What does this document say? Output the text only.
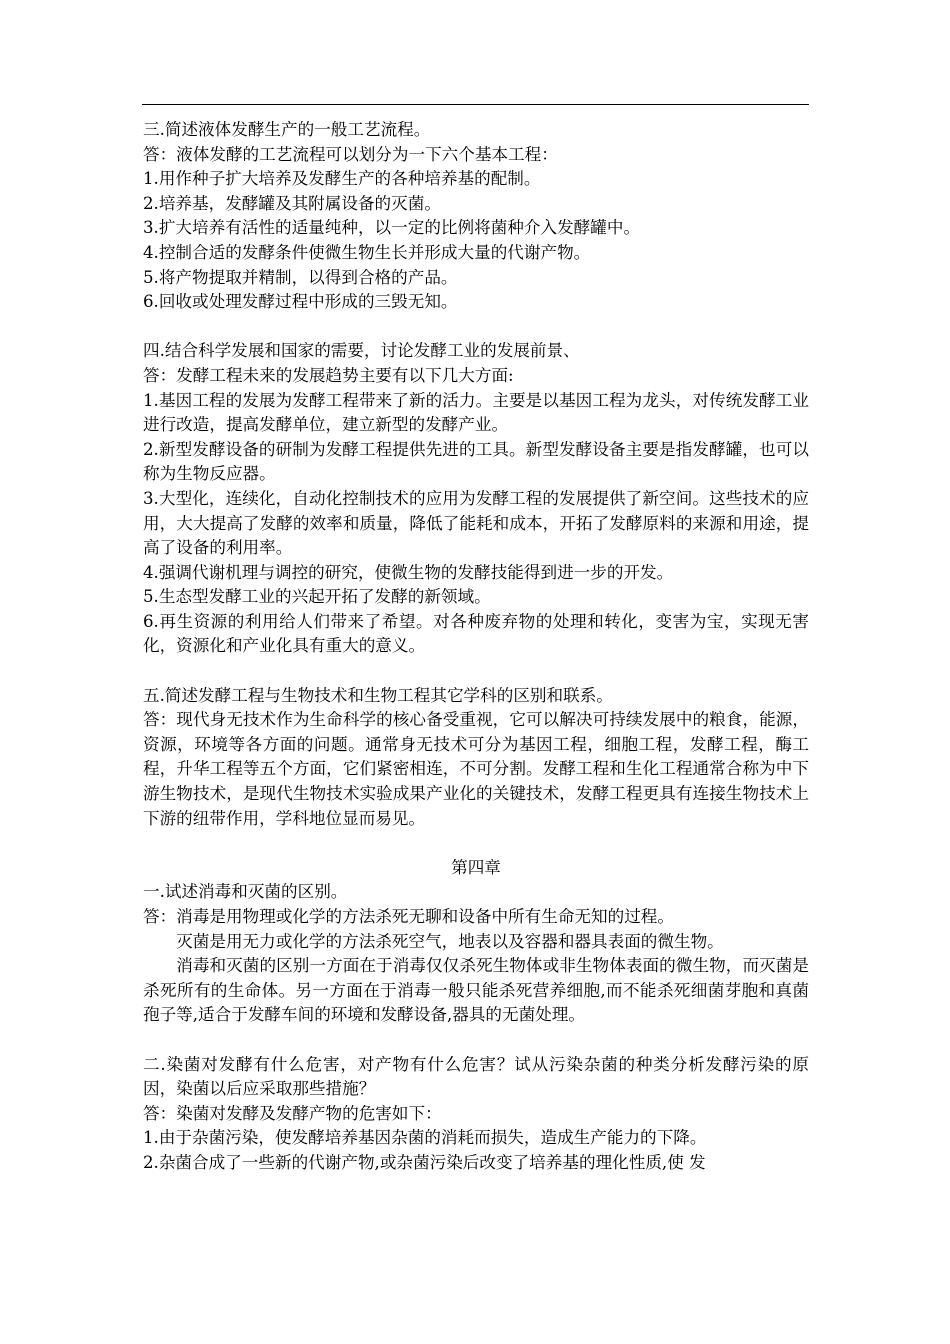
三.简述液体发酵生产的一般工艺流程。

答：液体发酵的工艺流程可以划分为一下六个基本工程：

1.用作种子扩大培养及发酵生产的各种培养基的配制。

2.培养基，发酵罐及其附属设备的灭菌。

3.扩大培养有活性的适量纯种，以一定的比例将菌种介入发酵罐中。

4.控制合适的发酵条件使微生物生长并形成大量的代谢产物。

5.将产物提取并精制，以得到合格的产品。

6.回收或处理发酵过程中形成的三毁无知。

四.结合科学发展和国家的需要，讨论发酵工业的发展前景、

答：发酵工程未来的发展趋势主要有以下几大方面:

1.基因工程的发展为发酵工程带来了新的活力。主要是以基因工程为龙头，对传统发酵工业进行改造，提高发酵单位，建立新型的发酵产业。

2.新型发酵设备的研制为发酵工程提供先进的工具。新型发酵设备主要是指发酵罐，也可以称为生物反应器。

3.大型化，连续化，自动化控制技术的应用为发酵工程的发展提供了新空间。这些技术的应用，大大提高了发酵的效率和质量，降低了能耗和成本，开拓了发酵原料的来源和用途，提高了设备的利用率。

4.强调代谢机理与调控的研究，使微生物的发酵技能得到进一步的开发。

5.生态型发酵工业的兴起开拓了发酵的新领域。

6.再生资源的利用给人们带来了希望。对各种废弃物的处理和转化，变害为宝，实现无害化，资源化和产业化具有重大的意义。

五.简述发酵工程与生物技术和生物工程其它学科的区别和联系。

答：现代身无技术作为生命科学的核心备受重视，它可以解决可持续发展中的粮食，能源，资源，环境等各方面的问题。通常身无技术可分为基因工程，细胞工程，发酵工程，酶工程，升华工程等五个方面，它们紧密相连，不可分割。发酵工程和生化工程通常合称为中下游生物技术，是现代生物技术实验成果产业化的关键技术，发酵工程更具有连接生物技术上下游的纽带作用，学科地位显而易见。

第四章

一.试述消毒和灭菌的区别。

答：消毒是用物理或化学的方法杀死无聊和设备中所有生命无知的过程。

灭菌是用无力或化学的方法杀死空气，地表以及容器和器具表面的微生物。

消毒和灭菌的区别一方面在于消毒仅仅杀死生物体或非生物体表面的微生物，而灭菌是杀死所有的生命体。另一方面在于消毒一般只能杀死营养细胞,而不能杀死细菌芽胞和真菌孢子等,适合于发酵车间的环境和发酵设备,器具的无菌处理。

二.染菌对发酵有什么危害，对产物有什么危害？试从污染杂菌的种类分析发酵污染的原因，染菌以后应采取那些措施？

答：染菌对发酵及发酵产物的危害如下：

1.由于杂菌污染，使发酵培养基因杂菌的消耗而损失，造成生产能力的下降。

2.杂菌合成了一些新的代谢产物,或杂菌污染后改变了培养基的理化性质,使 发
